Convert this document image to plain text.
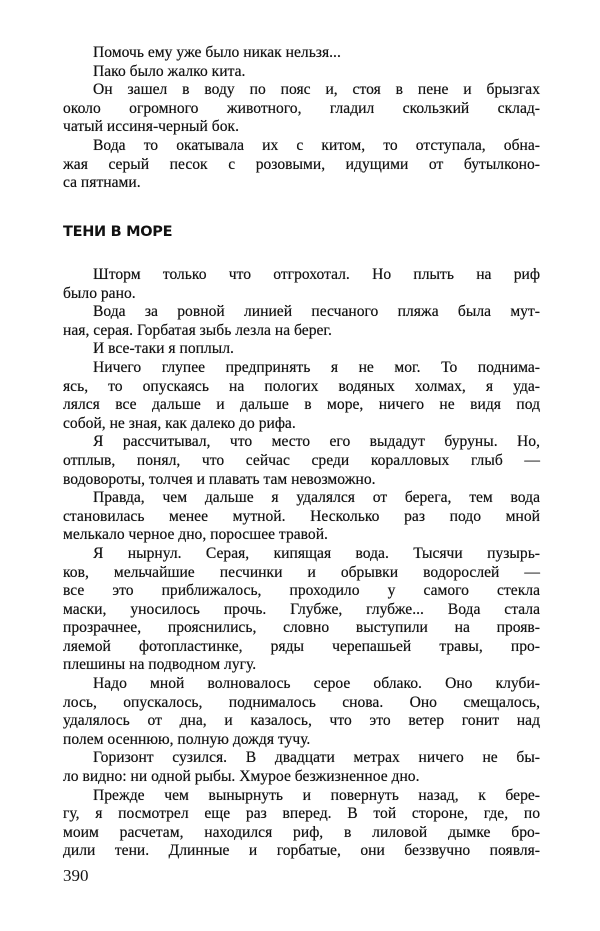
Помочь ему уже было никак нельзя...
Пако было жалко кита.
Он зашел в воду по пояс и, стоя в пене и брызгах
около огромного животного, гладил скользкий склад-
чатый иссиня-черный бок.
Вода то окатывала их с китом, то отступала, обна-
жая серый песок с розовыми, идущими от бутылконо-
са пятнами.
ТЕНИ В МОРЕ
Шторм только что отгрохотал. Но плыть на риф
было рано.
Вода за ровной линией песчаного пляжа была мут-
ная, серая. Горбатая зыбь лезла на берег.
И все-таки я поплыл.
Ничего глупее предпринять я не мог. То поднима-
ясь, то опускаясь на пологих водяных холмах, я уда-
лялся все дальше и дальше в море, ничего не видя под
собой, не зная, как далеко до рифа.
Я рассчитывал, что место его выдадут буруны. Но,
отплыв, понял, что сейчас среди коралловых глыб —
водовороты, толчея и плавать там невозможно.
Правда, чем дальше я удалялся от берега, тем вода
становилась менее мутной. Несколько раз подо мной
мелькало черное дно, поросшее травой.
Я нырнул. Серая, кипящая вода. Тысячи пузырь-
ков, мельчайшие песчинки и обрывки водорослей —
все это приближалось, проходило у самого стекла
маски, уносилось прочь. Глубже, глубже... Вода стала
прозрачнее, прояснились, словно выступили на прояв-
ляемой фотопластинке, ряды черепашьей травы, про-
плешины на подводном лугу.
Надо мной волновалось серое облако. Оно клуби-
лось, опускалось, поднималось снова. Оно смещалось,
удалялось от дна, и казалось, что это ветер гонит над
полем осеннюю, полную дождя тучу.
Горизонт сузился. В двадцати метрах ничего не бы-
ло видно: ни одной рыбы. Хмурое безжизненное дно.
Прежде чем вынырнуть и повернуть назад, к бере-
гу, я посмотрел еще раз вперед. В той стороне, где, по
моим расчетам, находился риф, в лиловой дымке бро-
дили тени. Длинные и горбатые, они беззвучно появля-
390
